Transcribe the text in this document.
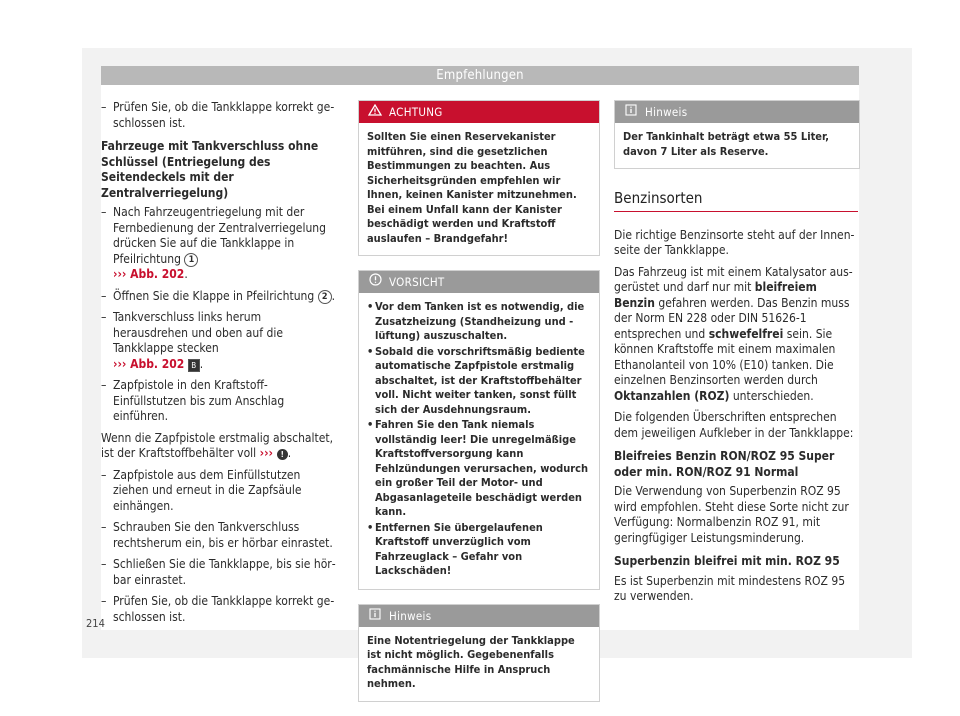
Empfehlungen
– Prüfen Sie, ob die Tankklappe korrekt geschlossen ist.
Fahrzeuge mit Tankverschluss ohne Schlüssel (Entriegelung des Seitendeckels mit der Zentralverriegelung)
– Nach Fahrzeugentriegelung mit der Fernbedienung der Zentralverriegelung drücken Sie auf die Tankklappe in Pfeilrichtung 1
››› Abb. 202.
– Öffnen Sie die Klappe in Pfeilrichtung 2 .
– Tankverschluss links herum herausdrehen und oben auf die Tankklappe stecken
››› Abb. 202 B .
– Zapfpistole in den Kraftstoff-Einfüllstutzen bis zum Anschlag einführen.
Wenn die Zapfpistole erstmalig abschaltet, ist der Kraftstoffbehälter voll ››› ! .
– Zapfpistole aus dem Einfüllstutzen ziehen und erneut in die Zapfsäule einhängen.
– Schrauben Sie den Tankverschluss rechtsherum ein, bis er hörbar einrastet.
– Schließen Sie die Tankklappe, bis sie hörbar einrastet.
– Prüfen Sie, ob die Tankklappe korrekt geschlossen ist.
ACHTUNG
Sollten Sie einen Reservekanister mitführen, sind die gesetzlichen Bestimmungen zu beachten. Aus Sicherheitsgründen empfehlen wir Ihnen, keinen Kanister mitzunehmen. Bei einem Unfall kann der Kanister beschädigt werden und Kraftstoff auslaufen – Brandgefahr!
VORSICHT
• Vor dem Tanken ist es notwendig, die Zusatzheizung (Standheizung und -lüftung) auszuschalten.
• Sobald die vorschriftsmäßig bediente automatische Zapfpistole erstmalig abschaltet, ist der Kraftstoffbehälter voll. Nicht weiter tanken, sonst füllt sich der Ausdehnungsraum.
• Fahren Sie den Tank niemals vollständig leer! Die unregelmäßige Kraftstoffversorgung kann Fehlzündungen verursachen, wodurch ein großer Teil der Motor- und Abgasanlageteile beschädigt werden kann.
• Entfernen Sie übergelaufenen Kraftstoff unverzüglich vom Fahrzeuglack – Gefahr von Lackschäden!
Hinweis
Eine Notentriegelung der Tankklappe ist nicht möglich. Gegebenenfalls fachmännische Hilfe in Anspruch nehmen.
Hinweis
Der Tankinhalt beträgt etwa 55 Liter, davon 7 Liter als Reserve.
Benzinsorten
Die richtige Benzinsorte steht auf der Innenseite der Tankklappe.
Das Fahrzeug ist mit einem Katalysator ausgerüstet und darf nur mit bleifreiem Benzin gefahren werden. Das Benzin muss der Norm EN 228 oder DIN 51626-1 entsprechen und schwefelfrei sein. Sie können Kraftstoffe mit einem maximalen Ethanolanteil von 10% (E10) tanken. Die einzelnen Benzinsorten werden durch Oktanzahlen (ROZ) unterschieden.
Die folgenden Überschriften entsprechen dem jeweiligen Aufkleber in der Tankklappe:
Bleifreies Benzin RON/ROZ 95 Super oder min. RON/ROZ 91 Normal
Die Verwendung von Superbenzin ROZ 95 wird empfohlen. Steht diese Sorte nicht zur Verfügung: Normalbenzin ROZ 91, mit geringfügiger Leistungsminderung.
Superbenzin bleifrei mit min. ROZ 95
Es ist Superbenzin mit mindestens ROZ 95 zu verwenden.
214
